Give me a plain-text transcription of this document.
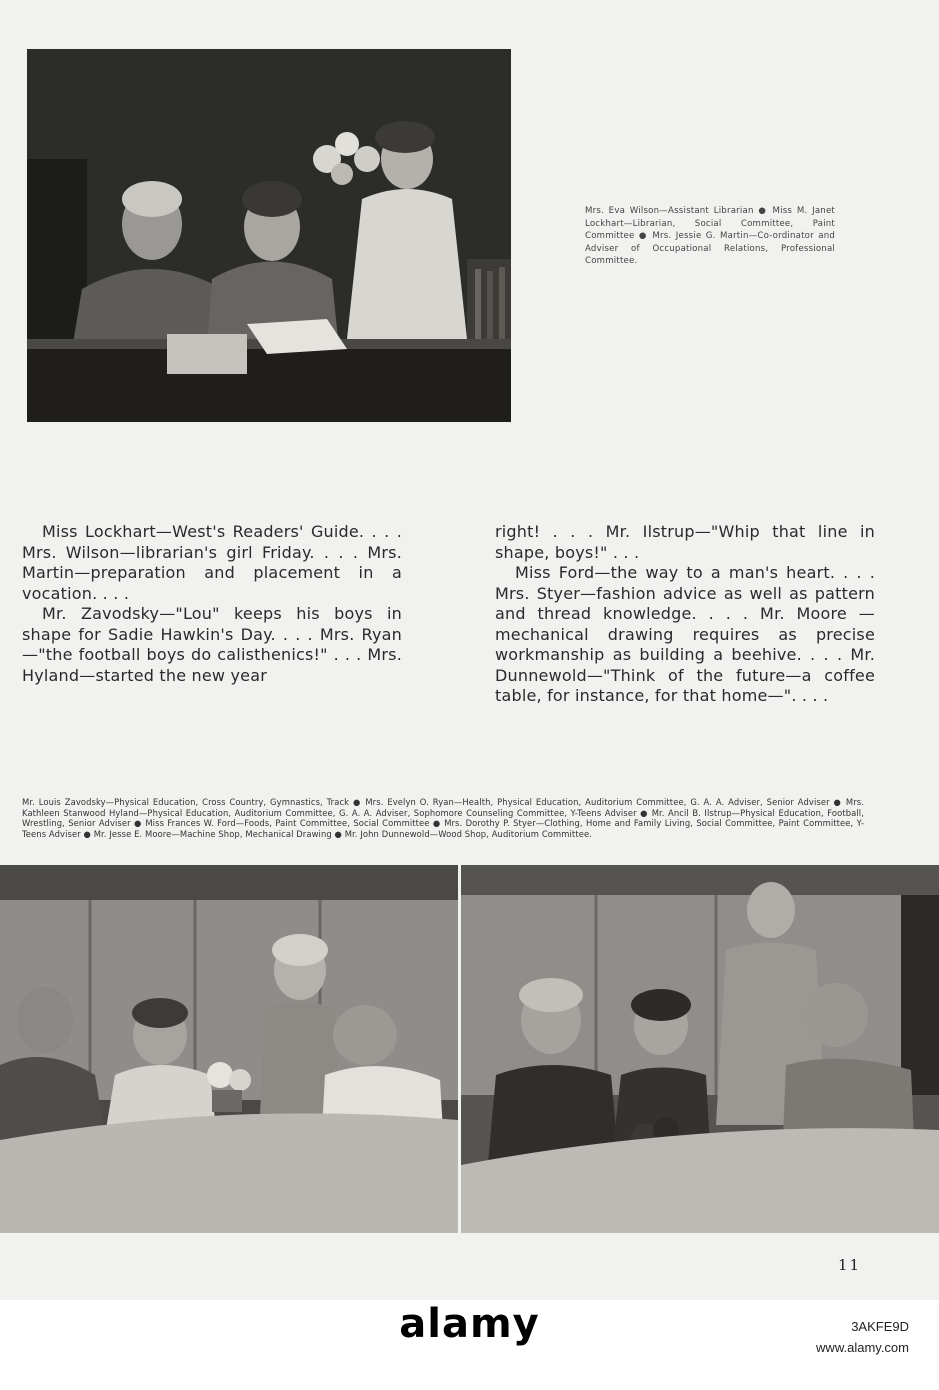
Mrs. Eva Wilson—Assistant Librarian ● Miss M. Janet Lockhart—Librarian, Social Committee, Paint Committee ● Mrs. Jessie G. Martin—Co-ordinator and Adviser of Occupational Relations, Professional Committee.

Miss Lockhart—West's Readers' Guide. . . . Mrs. Wilson—librarian's girl Friday. . . . Mrs. Martin—preparation and placement in a vocation. . . .

Mr. Zavodsky—"Lou" keeps his boys in shape for Sadie Hawkin's Day. . . . Mrs. Ryan—"the football boys do calisthenics!" . . . Mrs. Hyland—started the new year

right! . . . Mr. Ilstrup—"Whip that line in shape, boys!" . . .

Miss Ford—the way to a man's heart. . . . Mrs. Styer—fashion advice as well as pattern and thread knowledge. . . . Mr. Moore —mechanical drawing requires as precise workmanship as building a beehive. . . . Mr. Dunnewold—"Think of the future—a coffee table, for instance, for that home—". . . .

Mr. Louis Zavodsky—Physical Education, Cross Country, Gymnastics, Track ● Mrs. Evelyn O. Ryan—Health, Physical Education, Auditorium Committee, G. A. A. Adviser, Senior Adviser ● Mrs. Kathleen Stanwood Hyland—Physical Education, Auditorium Committee, G. A. A. Adviser, Sophomore Counseling Committee, Y-Teens Adviser ● Mr. Ancil B. Ilstrup—Physical Education, Football, Wrestling, Senior Adviser ● Miss Frances W. Ford—Foods, Paint Committee, Social Committee ● Mrs. Dorothy P. Styer—Clothing, Home and Family Living, Social Committee, Paint Committee, Y-Teens Adviser ● Mr. Jesse E. Moore—Machine Shop, Mechanical Drawing ● Mr. John Dunnewold—Wood Shop, Auditorium Committee.
11
alamy	3AKFE9D
www.alamy.com
